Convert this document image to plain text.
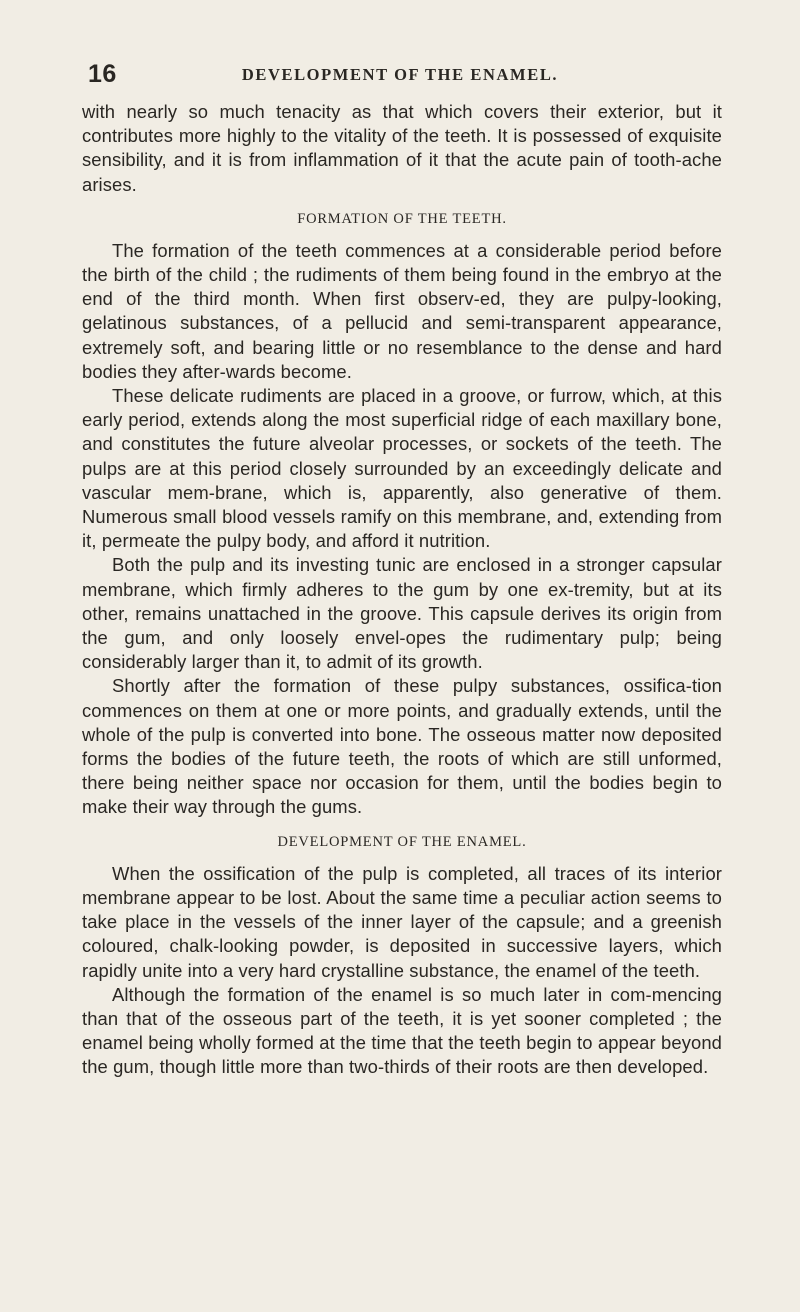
16	DEVELOPMENT OF THE ENAMEL.

with nearly so much tenacity as that which covers their exterior, but it contributes more highly to the vitality of the teeth. It is possessed of exquisite sensibility, and it is from inflammation of it that the acute pain of tooth-ache arises.

FORMATION OF THE TEETH.

The formation of the teeth commences at a considerable period before the birth of the child ; the rudiments of them being found in the embryo at the end of the third month. When first observ-ed, they are pulpy-looking, gelatinous substances, of a pellucid and semi-transparent appearance, extremely soft, and bearing little or no resemblance to the dense and hard bodies they after-wards become.

These delicate rudiments are placed in a groove, or furrow, which, at this early period, extends along the most superficial ridge of each maxillary bone, and constitutes the future alveolar processes, or sockets of the teeth. The pulps are at this period closely surrounded by an exceedingly delicate and vascular mem-brane, which is, apparently, also generative of them. Numerous small blood vessels ramify on this membrane, and, extending from it, permeate the pulpy body, and afford it nutrition.

Both the pulp and its investing tunic are enclosed in a stronger capsular membrane, which firmly adheres to the gum by one ex-tremity, but at its other, remains unattached in the groove. This capsule derives its origin from the gum, and only loosely envel-opes the rudimentary pulp; being considerably larger than it, to admit of its growth.

Shortly after the formation of these pulpy substances, ossifica-tion commences on them at one or more points, and gradually extends, until the whole of the pulp is converted into bone. The osseous matter now deposited forms the bodies of the future teeth, the roots of which are still unformed, there being neither space nor occasion for them, until the bodies begin to make their way through the gums.

DEVELOPMENT OF THE ENAMEL.

When the ossification of the pulp is completed, all traces of its interior membrane appear to be lost. About the same time a peculiar action seems to take place in the vessels of the inner layer of the capsule; and a greenish coloured, chalk-looking powder, is deposited in successive layers, which rapidly unite into a very hard crystalline substance, the enamel of the teeth.

Although the formation of the enamel is so much later in com-mencing than that of the osseous part of the teeth, it is yet sooner completed ; the enamel being wholly formed at the time that the teeth begin to appear beyond the gum, though little more than two-thirds of their roots are then developed.
